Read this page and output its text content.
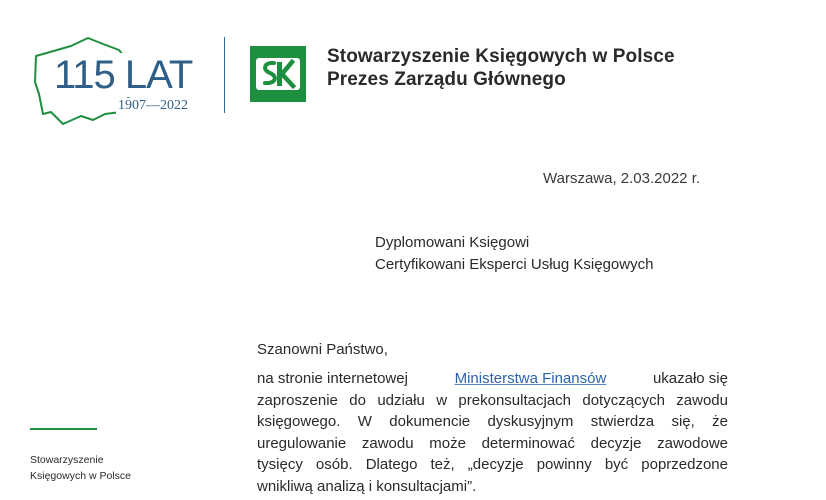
115 LAT
1907—2022
Stowarzyszenie Księgowych w Polsce
Prezes Zarządu Głównego
Warszawa, 2.03.2022 r.
Dyplomowani Księgowi
Certyfikowani Eksperci Usług Księgowych
Szanowni Państwo,
na stronie internetowej	Ministerstwa Finansów	ukazało się
zaproszenie do udziału w prekonsultacjach dotyczących zawodu
księgowego. W dokumencie dyskusyjnym stwierdza się, że
uregulowanie zawodu może determinować decyzje zawodowe
tysięcy osób. Dlatego też, „decyzje powinny być poprzedzone
wnikliwą analizą i konsultacjami”.
Stowarzyszenie
Księgowych w Polsce
